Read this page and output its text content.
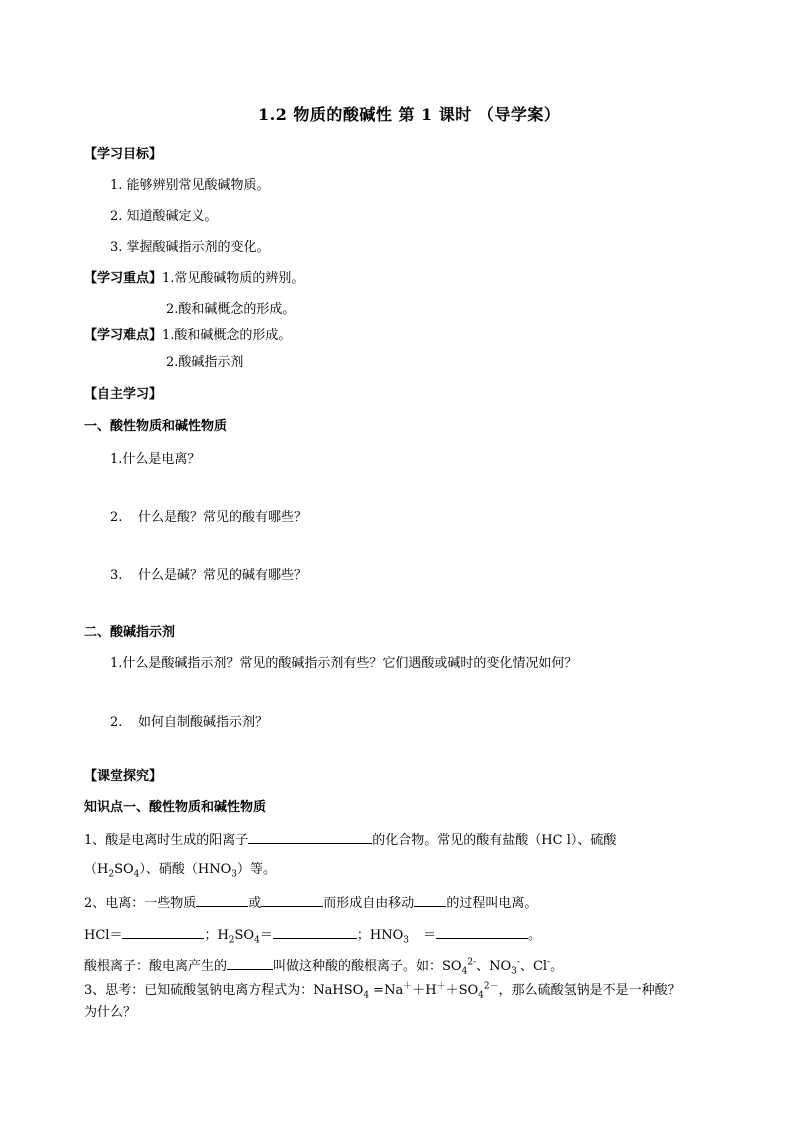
1.2 物质的酸碱性 第 1 课时 （导学案）
【学习目标】
1. 能够辨别常见酸碱物质。
2. 知道酸碱定义。
3. 掌握酸碱指示剂的变化。
【学习重点】1.常见酸碱物质的辨别。
2.酸和碱概念的形成。
【学习难点】1.酸和碱概念的形成。
2.酸碱指示剂
【自主学习】
一、酸性物质和碱性物质
1.什么是电离？
2. 什么是酸？常见的酸有哪些？
3. 什么是碱？常见的碱有哪些？
二、酸碱指示剂
1.什么是酸碱指示剂？常见的酸碱指示剂有些？它们遇酸或碱时的变化情况如何？
2. 如何自制酸碱指示剂？
【课堂探究】
知识点一、酸性物质和碱性物质
1、酸是电离时生成的阳离子	的化合物。常见的酸有盐酸（HC l）、硫酸
$(H_2SO_4)$、硝酸$(HNO_3)$等。
2、电离：一些物质	或	而形成自由移动 的过程叫电离。
HCl＝	；$H_2SO_4=$	；$HNO_3$ ＝	。
酸根离子：酸电离产生的	叫做这种酸的酸根离子。如：$SO_4^{2-}$、$NO_3^-$、Cl-。
3、思考：已知硫酸氢钠电离方程式为：NaHSO$_4$ $=Na^++H^++SO_4^{2-}$，那么硫酸氢钠是不是一种酸？
为什么？
